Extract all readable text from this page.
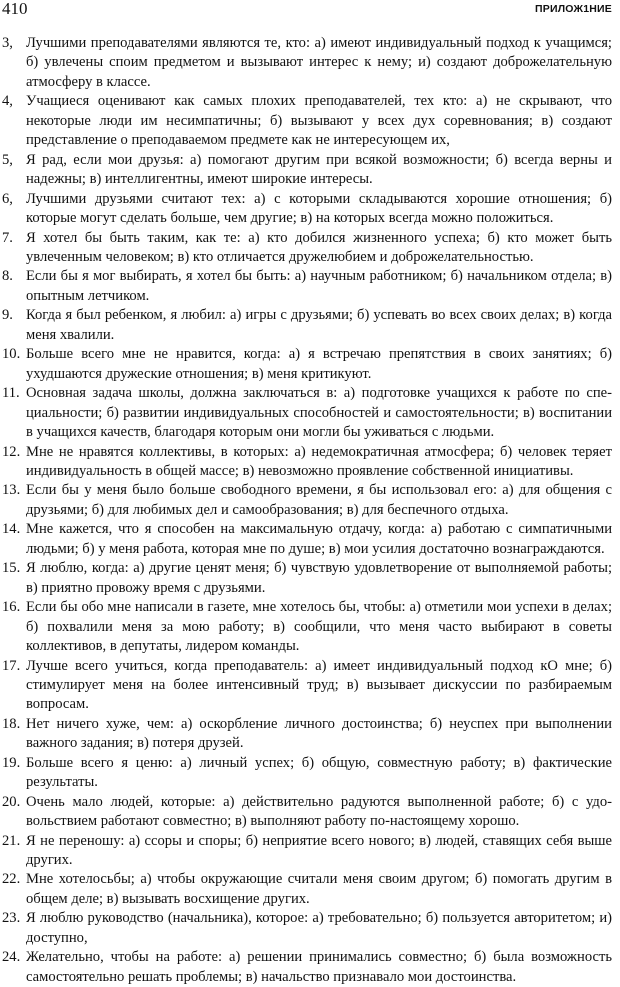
410	ПРИЛОЖ1НИЕ
3, Лучшими преподавателями являются те, кто: а) имеют индивидуальный подход к учащимся; б) увлечены споим предметом и вызывают интерес к нему; и) создают доброжелательную атмосферу в классе.
4, Учащиеся оценивают как самых плохих преподавателей, тех кто: а) не скрывают, что некоторые люди им несимпатичны; б) вызывают у всех дух соревнования; в) создают представление о преподаваемом предмете как не интересующем их,
5, Я рад, если мои друзья: а) помогают другим при всякой возможности; б) всегда верны и надежны; в) интеллигентны, имеют широкие интересы.
6, Лучшими друзьями считают тех: а) с которыми складываются хорошие отношения; б) которые могут сделать больше, чем другие; в) на которых всегда можно положиться.
7. Я хотел бы быть таким, как те: а) кто добился жизненного успеха; б) кто может быть увлеченным человеком; в) кто отличается дружелюбием и доброжелательностью.
8. Если бы я мог выбирать, я хотел бы быть: а) научным работником; б) начальником отдела; в) опытным летчиком.
9. Когда я был ребенком, я любил: а) игры с друзьями; б) успевать во всех своих делах; в) когда меня хвалили.
10. Больше всего мне не нравится, когда: а) я встречаю препятствия в своих занятиях; б) ухудшаются дружеские отношения; в) меня критикуют.
11. Основная задача школы, должна заключаться в: а) подготовке учащихся к работе по специальности; б) развитии индивидуальных способностей и самостоятельности; в) воспитании в учащихся качеств, благодаря которым они могли бы уживаться с людьми.
12. Мне не нравятся коллективы, в которых: а) недемократичная атмосфера; б) человек теряет индивидуальность в общей массе; в) невозможно проявление собственной инициативы.
13. Если бы у меня было больше свободного времени, я бы использовал его: а) для общения с друзьями; б) для любимых дел и самообразования; в) для беспечного отдыха.
14. Мне кажется, что я способен на максимальную отдачу, когда: а) работаю с симпатичными людьми; б) у меня работа, которая мне по душе; в) мои усилия достаточно вознаграждаются.
15. Я люблю, когда: а) другие ценят меня; б) чувствую удовлетворение от выполняемой работы; в) приятно провожу время с друзьями.
16. Если бы обо мне написали в газете, мне хотелось бы, чтобы: а) отметили мои успехи в делах; б) похвалили меня за мою работу; в) сообщили, что меня часто выбирают в советы коллективов, в депутаты, лидером команды.
17. Лучше всего учиться, когда преподаватель: а) имеет индивидуальный подход кО мне; б) стимулирует меня на более интенсивный труд; в) вызывает дискуссии по разбираемым вопросам.
18. Нет ничего хуже, чем: а) оскорбление личного достоинства; б) неуспех при выполнении важного задания; в) потеря друзей.
19. Больше всего я ценю: а) личный успех; б) общую, совместную работу; в) фактические результаты.
20. Очень мало людей, которые: а) действительно радуются выполненной работе; б) с удовольствием работают совместно; в) выполняют работу по-настоящему хорошо.
21. Я не переношу: а) ссоры и споры; б) неприятие всего нового; в) людей, ставящих себя выше других.
22. Мне хотелосьбы; а) чтобы окружающие считали меня своим другом; б) помогать другим в общем деле; в) вызывать восхищение других.
23. Я люблю руководство (начальника), которое: а) требовательно; б) пользуется авторитетом; и) доступно,
24. Желательно, чтобы на работе: а) решении принимались совместно; б) была возможность самостоятельно решать проблемы; в) начальство признавало мои достоинства.
